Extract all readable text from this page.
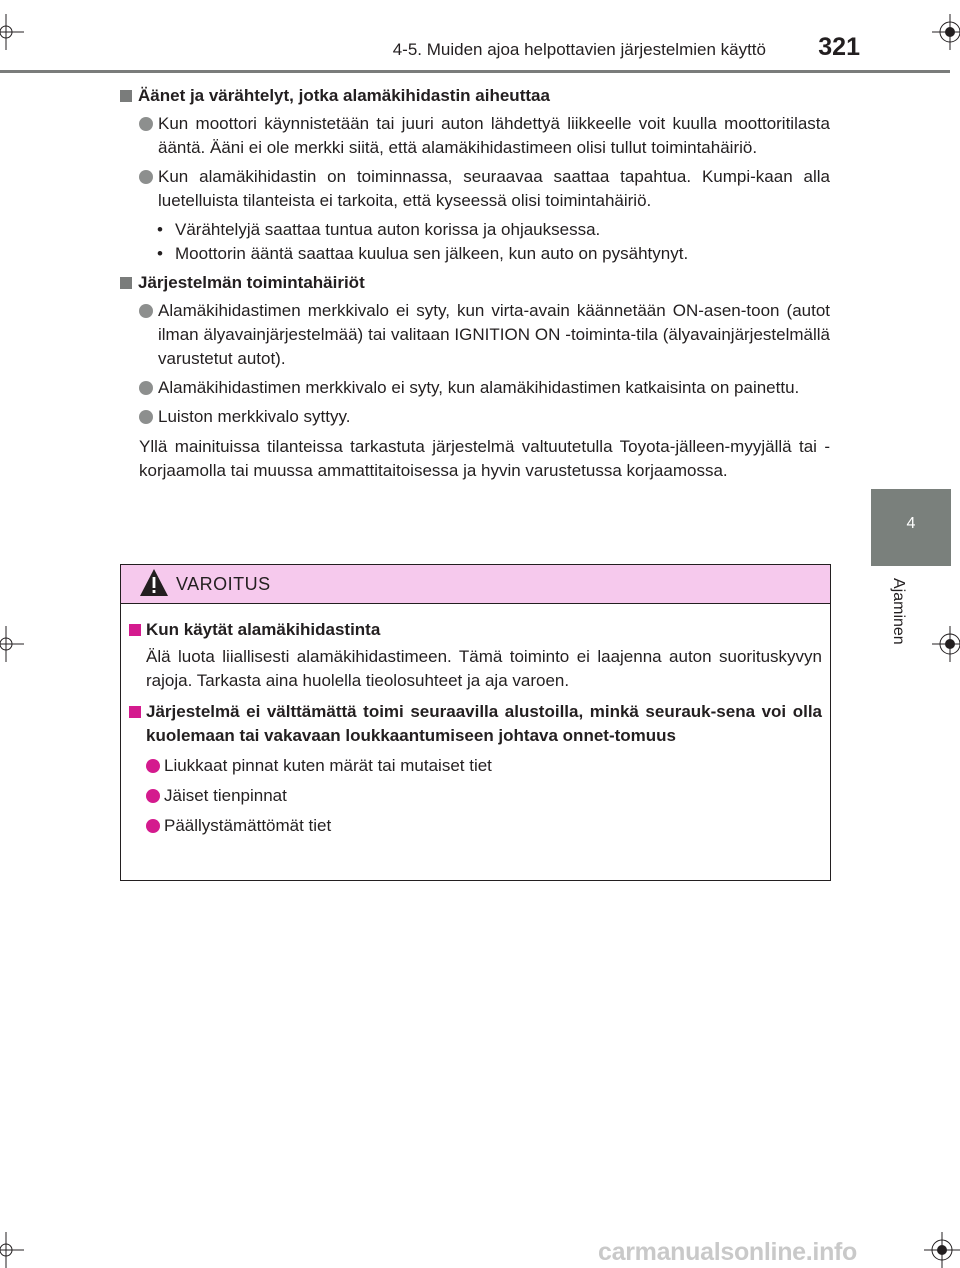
4-5. Muiden ajoa helpottavien järjestelmien käyttö	321
4
Ajaminen
Äänet ja värähtelyt, jotka alamäkihidastin aiheuttaa
Kun moottori käynnistetään tai juuri auton lähdettyä liikkeelle voit kuulla moottoritilasta ääntä. Ääni ei ole merkki siitä, että alamäkihidastimeen olisi tullut toimintahäiriö.
Kun alamäkihidastin on toiminnassa, seuraavaa saattaa tapahtua. Kumpi-kaan alla luetelluista tilanteista ei tarkoita, että kyseessä olisi toimintahäiriö.
• Värähtelyjä saattaa tuntua auton korissa ja ohjauksessa.
• Moottorin ääntä saattaa kuulua sen jälkeen, kun auto on pysähtynyt.
Järjestelmän toimintahäiriöt
Alamäkihidastimen merkkivalo ei syty, kun virta-avain käännetään ON-asen-toon (autot ilman älyavainjärjestelmää) tai valitaan IGNITION ON -toiminta-tila (älyavainjärjestelmällä varustetut autot).
Alamäkihidastimen merkkivalo ei syty, kun alamäkihidastimen katkaisinta on painettu.
Luiston merkkivalo syttyy.
Yllä mainituissa tilanteissa tarkastuta järjestelmä valtuutetulla Toyota-jälleen-myyjällä tai -korjaamolla tai muussa ammattitaitoisessa ja hyvin varustetussa korjaamossa.
VAROITUS
Kun käytät alamäkihidastinta
Älä luota liiallisesti alamäkihidastimeen. Tämä toiminto ei laajenna auton suorituskyvyn rajoja. Tarkasta aina huolella tieolosuhteet ja aja varoen.
Järjestelmä ei välttämättä toimi seuraavilla alustoilla, minkä seurauk-sena voi olla kuolemaan tai vakavaan loukkaantumiseen johtava onnet-tomuus
Liukkaat pinnat kuten märät tai mutaiset tiet
Jäiset tienpinnat
Päällystämättömät tiet
carmanualsonline.info
